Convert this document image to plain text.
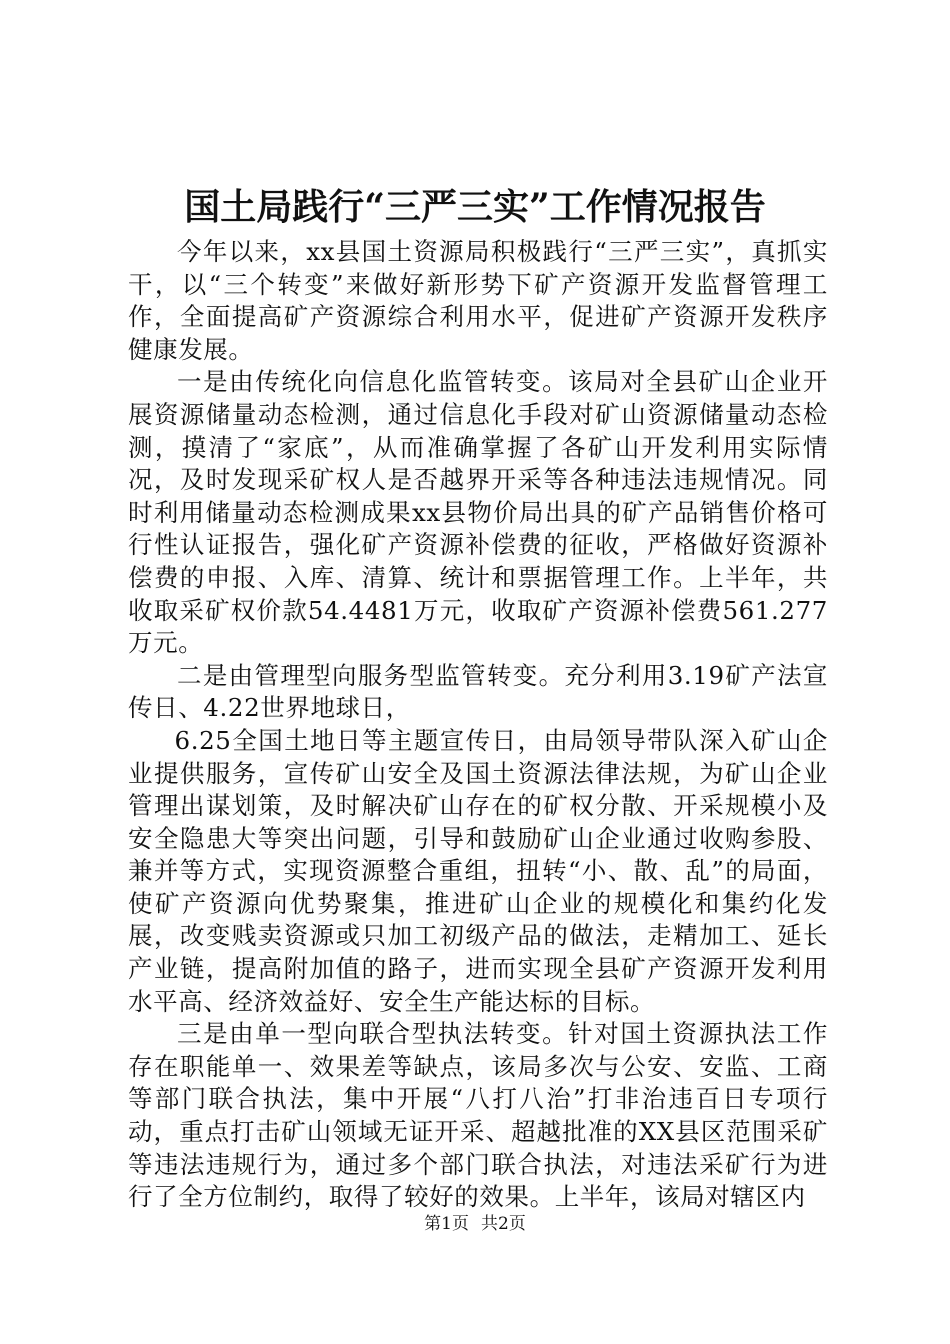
国土局践行“三严三实”工作情况报告

今年以来，xx县国土资源局积极践行“三严三实”，真抓实干，以“三个转变”来做好新形势下矿产资源开发监督管理工作，全面提高矿产资源综合利用水平，促进矿产资源开发秩序健康发展。

一是由传统化向信息化监管转变。该局对全县矿山企业开展资源储量动态检测，通过信息化手段对矿山资源储量动态检测，摸清了“家底”，从而准确掌握了各矿山开发利用实际情况，及时发现采矿权人是否越界开采等各种违法违规情况。同时利用储量动态检测成果xx县物价局出具的矿产品销售价格可行性认证报告，强化矿产资源补偿费的征收，严格做好资源补偿费的申报、入库、清算、统计和票据管理工作。上半年，共收取采矿权价款54.4481万元，收取矿产资源补偿费561.277万元。

二是由管理型向服务型监管转变。充分利用3.19矿产法宣传日、4.22世界地球日，

6.25全国土地日等主题宣传日，由局领导带队深入矿山企业提供服务，宣传矿山安全及国土资源法律法规，为矿山企业管理出谋划策，及时解决矿山存在的矿权分散、开采规模小及安全隐患大等突出问题，引导和鼓励矿山企业通过收购参股、兼并等方式，实现资源整合重组，扭转“小、散、乱”的局面，使矿产资源向优势聚集，推进矿山企业的规模化和集约化发展，改变贱卖资源或只加工初级产品的做法，走精加工、延长产业链，提高附加值的路子，进而实现全县矿产资源开发利用水平高、经济效益好、安全生产能达标的目标。

三是由单一型向联合型执法转变。针对国土资源执法工作存在职能单一、效果差等缺点，该局多次与公安、安监、工商等部门联合执法，集中开展“八打八治”打非治违百日专项行动，重点打击矿山领域无证开采、超越批准的XX县区范围采矿等违法违规行为，通过多个部门联合执法，对违法采矿行为进行了全方位制约，取得了较好的效果。上半年，该局对辖区内

第1页 共2页
